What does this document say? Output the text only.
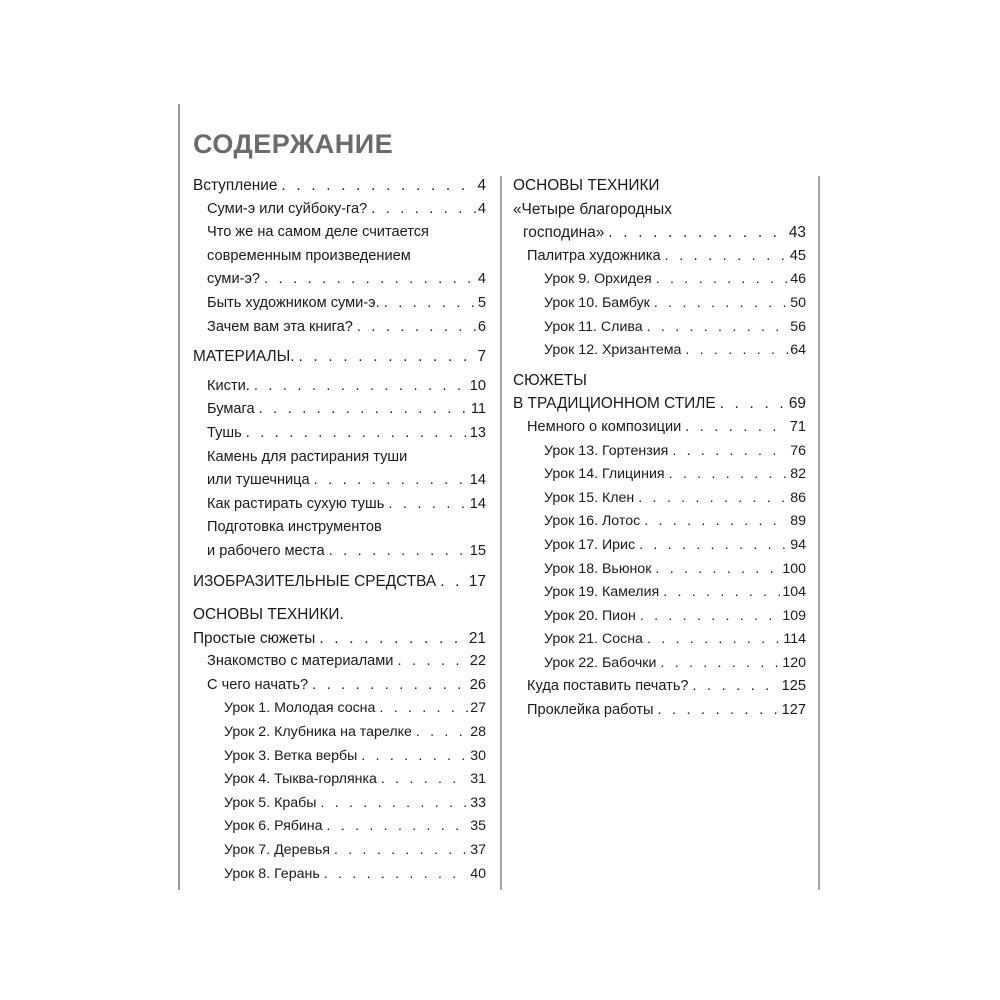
СОДЕРЖАНИЕ
Вступление . . .	4
Суми-э или суйбоку-га? . . .	4
Что же на самом деле считается
современным произведением
суми-э? . . .	4
Быть художником суми-э. . . .	5
Зачем вам эта книга? . . .	6
МАТЕРИАЛЫ. . . .	7
Кисти. . . .	10
Бумага . . .	11
Тушь . . .	13
Камень для растирания туши
или тушечница . . .	14
Как растирать сухую тушь . . .	14
Подготовка инструментов
и рабочего места . . .	15
ИЗОБРАЗИТЕЛЬНЫЕ СРЕДСТВА . . . 17
ОСНОВЫ ТЕХНИКИ.
Простые сюжеты . . .	21
Знакомство с материалами . . .	22
С чего начать? . . .	26
Урок 1. Молодая сосна . . .	27
Урок 2. Клубника на тарелке . . .	28
Урок 3. Ветка вербы . . .	30
Урок 4. Тыква-горлянка . . .	31
Урок 5. Крабы . . .	33
Урок 6. Рябина . . .	35
Урок 7. Деревья . . .	37
Урок 8. Герань . . .	40
ОСНОВЫ ТЕХНИКИ
«Четыре благородных
господина» . . .	43
Палитра художника . . .	45
Урок 9. Орхидея . . .	46
Урок 10. Бамбук . . .	50
Урок 11. Слива . . .	56
Урок 12. Хризантема . . .	64
СЮЖЕТЫ
В ТРАДИЦИОННОМ СТИЛЕ . . .	69
Немного о композиции . . .	71
Урок 13. Гортензия . . .	76
Урок 14. Глициния . . .	82
Урок 15. Клен . . .	86
Урок 16. Лотос . . .	89
Урок 17. Ирис . . .	94
Урок 18. Вьюнок . . .	100
Урок 19. Камелия . . .	104
Урок 20. Пион . . .	109
Урок 21. Сосна . . .	114
Урок 22. Бабочки . . .	120
Куда поставить печать? . . .	125
Проклейка работы . . .	127
